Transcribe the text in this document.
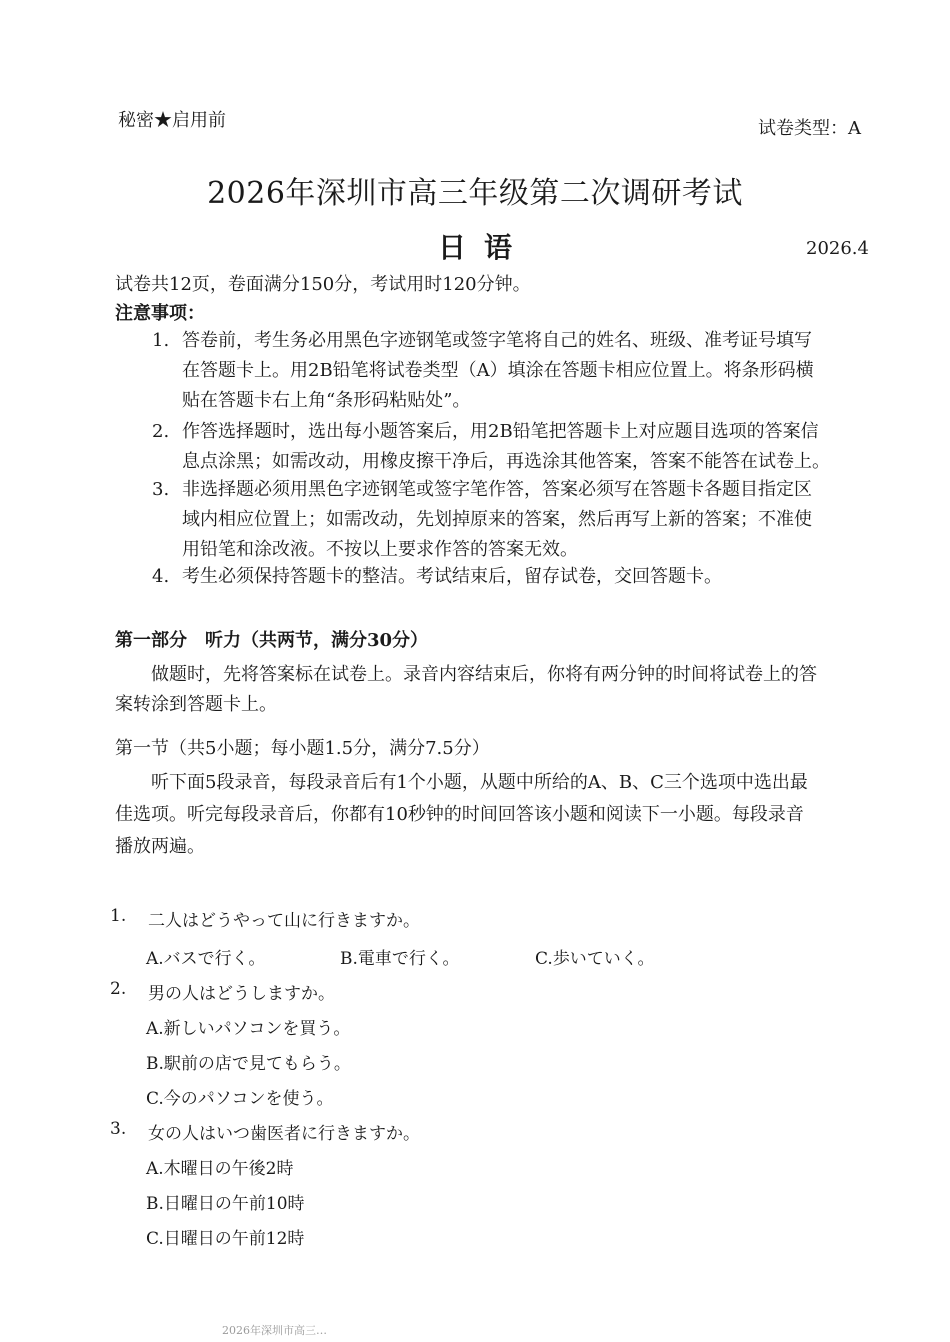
秘密★启用前	试卷类型：A
2026年深圳市高三年级第二次调研考试
日语	2026.4
试卷共12页，卷面满分150分，考试用时120分钟。
注意事项：
1. 答卷前，考生务必用黑色字迹钢笔或签字笔将自己的姓名、班级、准考证号填写
在答题卡上。用2B铅笔将试卷类型（A）填涂在答题卡相应位置上。将条形码横
贴在答题卡右上角“条形码粘贴处”。
2. 作答选择题时，选出每小题答案后，用2B铅笔把答题卡上对应题目选项的答案信
息点涂黑；如需改动，用橡皮擦干净后，再选涂其他答案，答案不能答在试卷上。
3. 非选择题必须用黑色字迹钢笔或签字笔作答，答案必须写在答题卡各题目指定区
域内相应位置上；如需改动，先划掉原来的答案，然后再写上新的答案；不准使
用铅笔和涂改液。不按以上要求作答的答案无效。
4. 考生必须保持答题卡的整洁。考试结束后，留存试卷，交回答题卡。
第一部分　听力（共两节，满分30分）
做题时，先将答案标在试卷上。录音内容结束后，你将有两分钟的时间将试卷上的答
案转涂到答题卡上。
第一节（共5小题；每小题1.5分，满分7.5分）
听下面5段录音，每段录音后有1个小题，从题中所给的A、B、C三个选项中选出最
佳选项。听完每段录音后，你都有10秒钟的时间回答该小题和阅读下一小题。每段录音
播放两遍。
1. 二人はどうやって山に行きますか。
A.バスで行く。	B.電車で行く。	C.歩いていく。
2. 男の人はどうしますか。
A.新しいパソコンを買う。
B.駅前の店で見てもらう。
C.今のパソコンを使う。
3. 女の人はいつ歯医者に行きますか。
A.木曜日の午後2時
B.日曜日の午前10時
C.日曜日の午前12時
2026年深圳市高三…
